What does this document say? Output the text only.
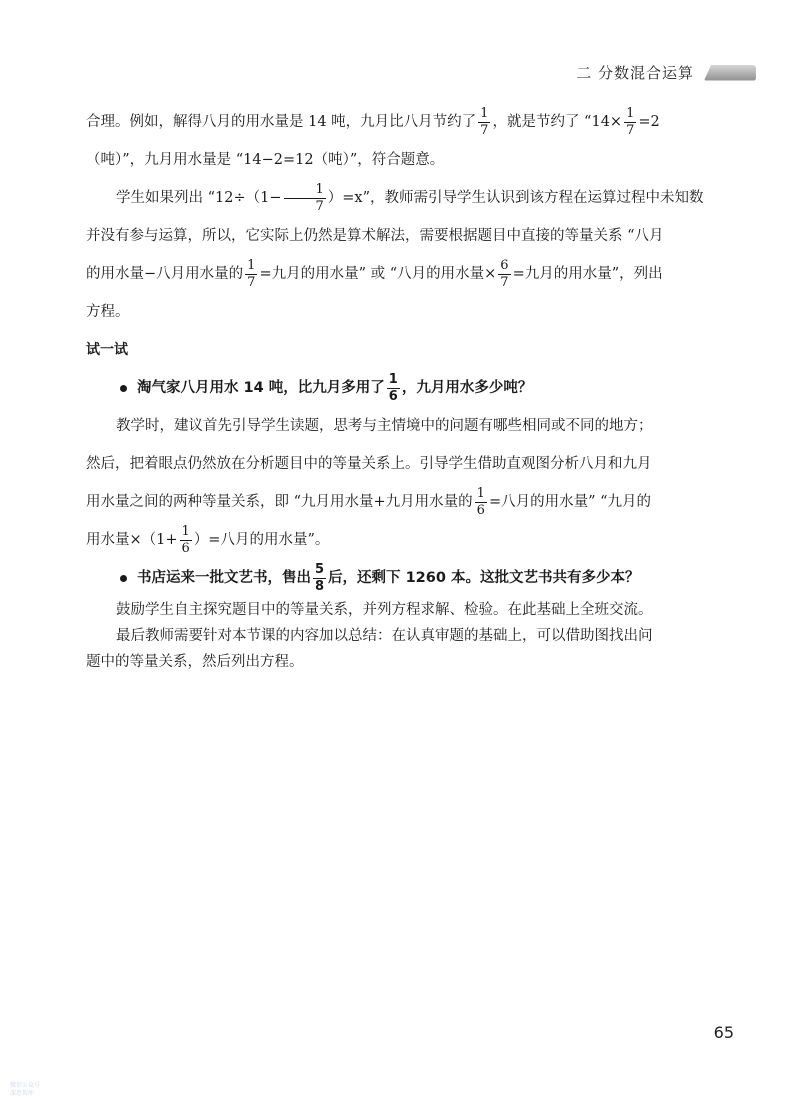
二 分数混合运算

合理。例如，解得八月的用水量是 14 吨，九月比八月节约了 $\frac{1}{7}$ ，就是节约了 “$14\times \frac{1}{7} =2$
（吨）”，九月用水量是 “14−2=12（吨）”，符合题意。

学生如果列出 “$12\div(1- \frac{1}{7} )=x$”，教师需引导学生认识到该方程在运算过程中未知数

并没有参与运算，所以，它实际上仍然是算术解法，需要根据题目中直接的等量关系 “八月
的用水量−八月用水量的 $\frac{1}{7}$ =九月的用水量” 或 “八月的用水量× $\frac{6}{7}$ =九月的用水量”，列出
方程。

试一试

淘气家八月用水 14 吨，比九月多用了 $\frac{1}{6}$ ，九月用水多少吨？

教学时，建议首先引导学生读题，思考与主情境中的问题有哪些相同或不同的地方；

然后，把着眼点仍然放在分析题目中的等量关系上。引导学生借助直观图分析八月和九月
用水量之间的两种等量关系，即 “九月用水量+九月用水量的 $\frac{1}{6}$ =八月的用水量” “九月的
用水量$\times(1+ \frac{1}{6}$ ）=八月的用水量”。

书店运来一批文艺书，售出 $\frac{5}{8}$ 后，还剩下 1260 本。这批文艺书共有多少本？

鼓励学生自主探究题目中的等量关系，并列方程求解、检验。在此基础上全班交流。

最后教师需要针对本节课的内容加以总结：在认真审题的基础上，可以借助图找出问

题中的等量关系，然后列出方程。

65
微信公众号
深思智库
